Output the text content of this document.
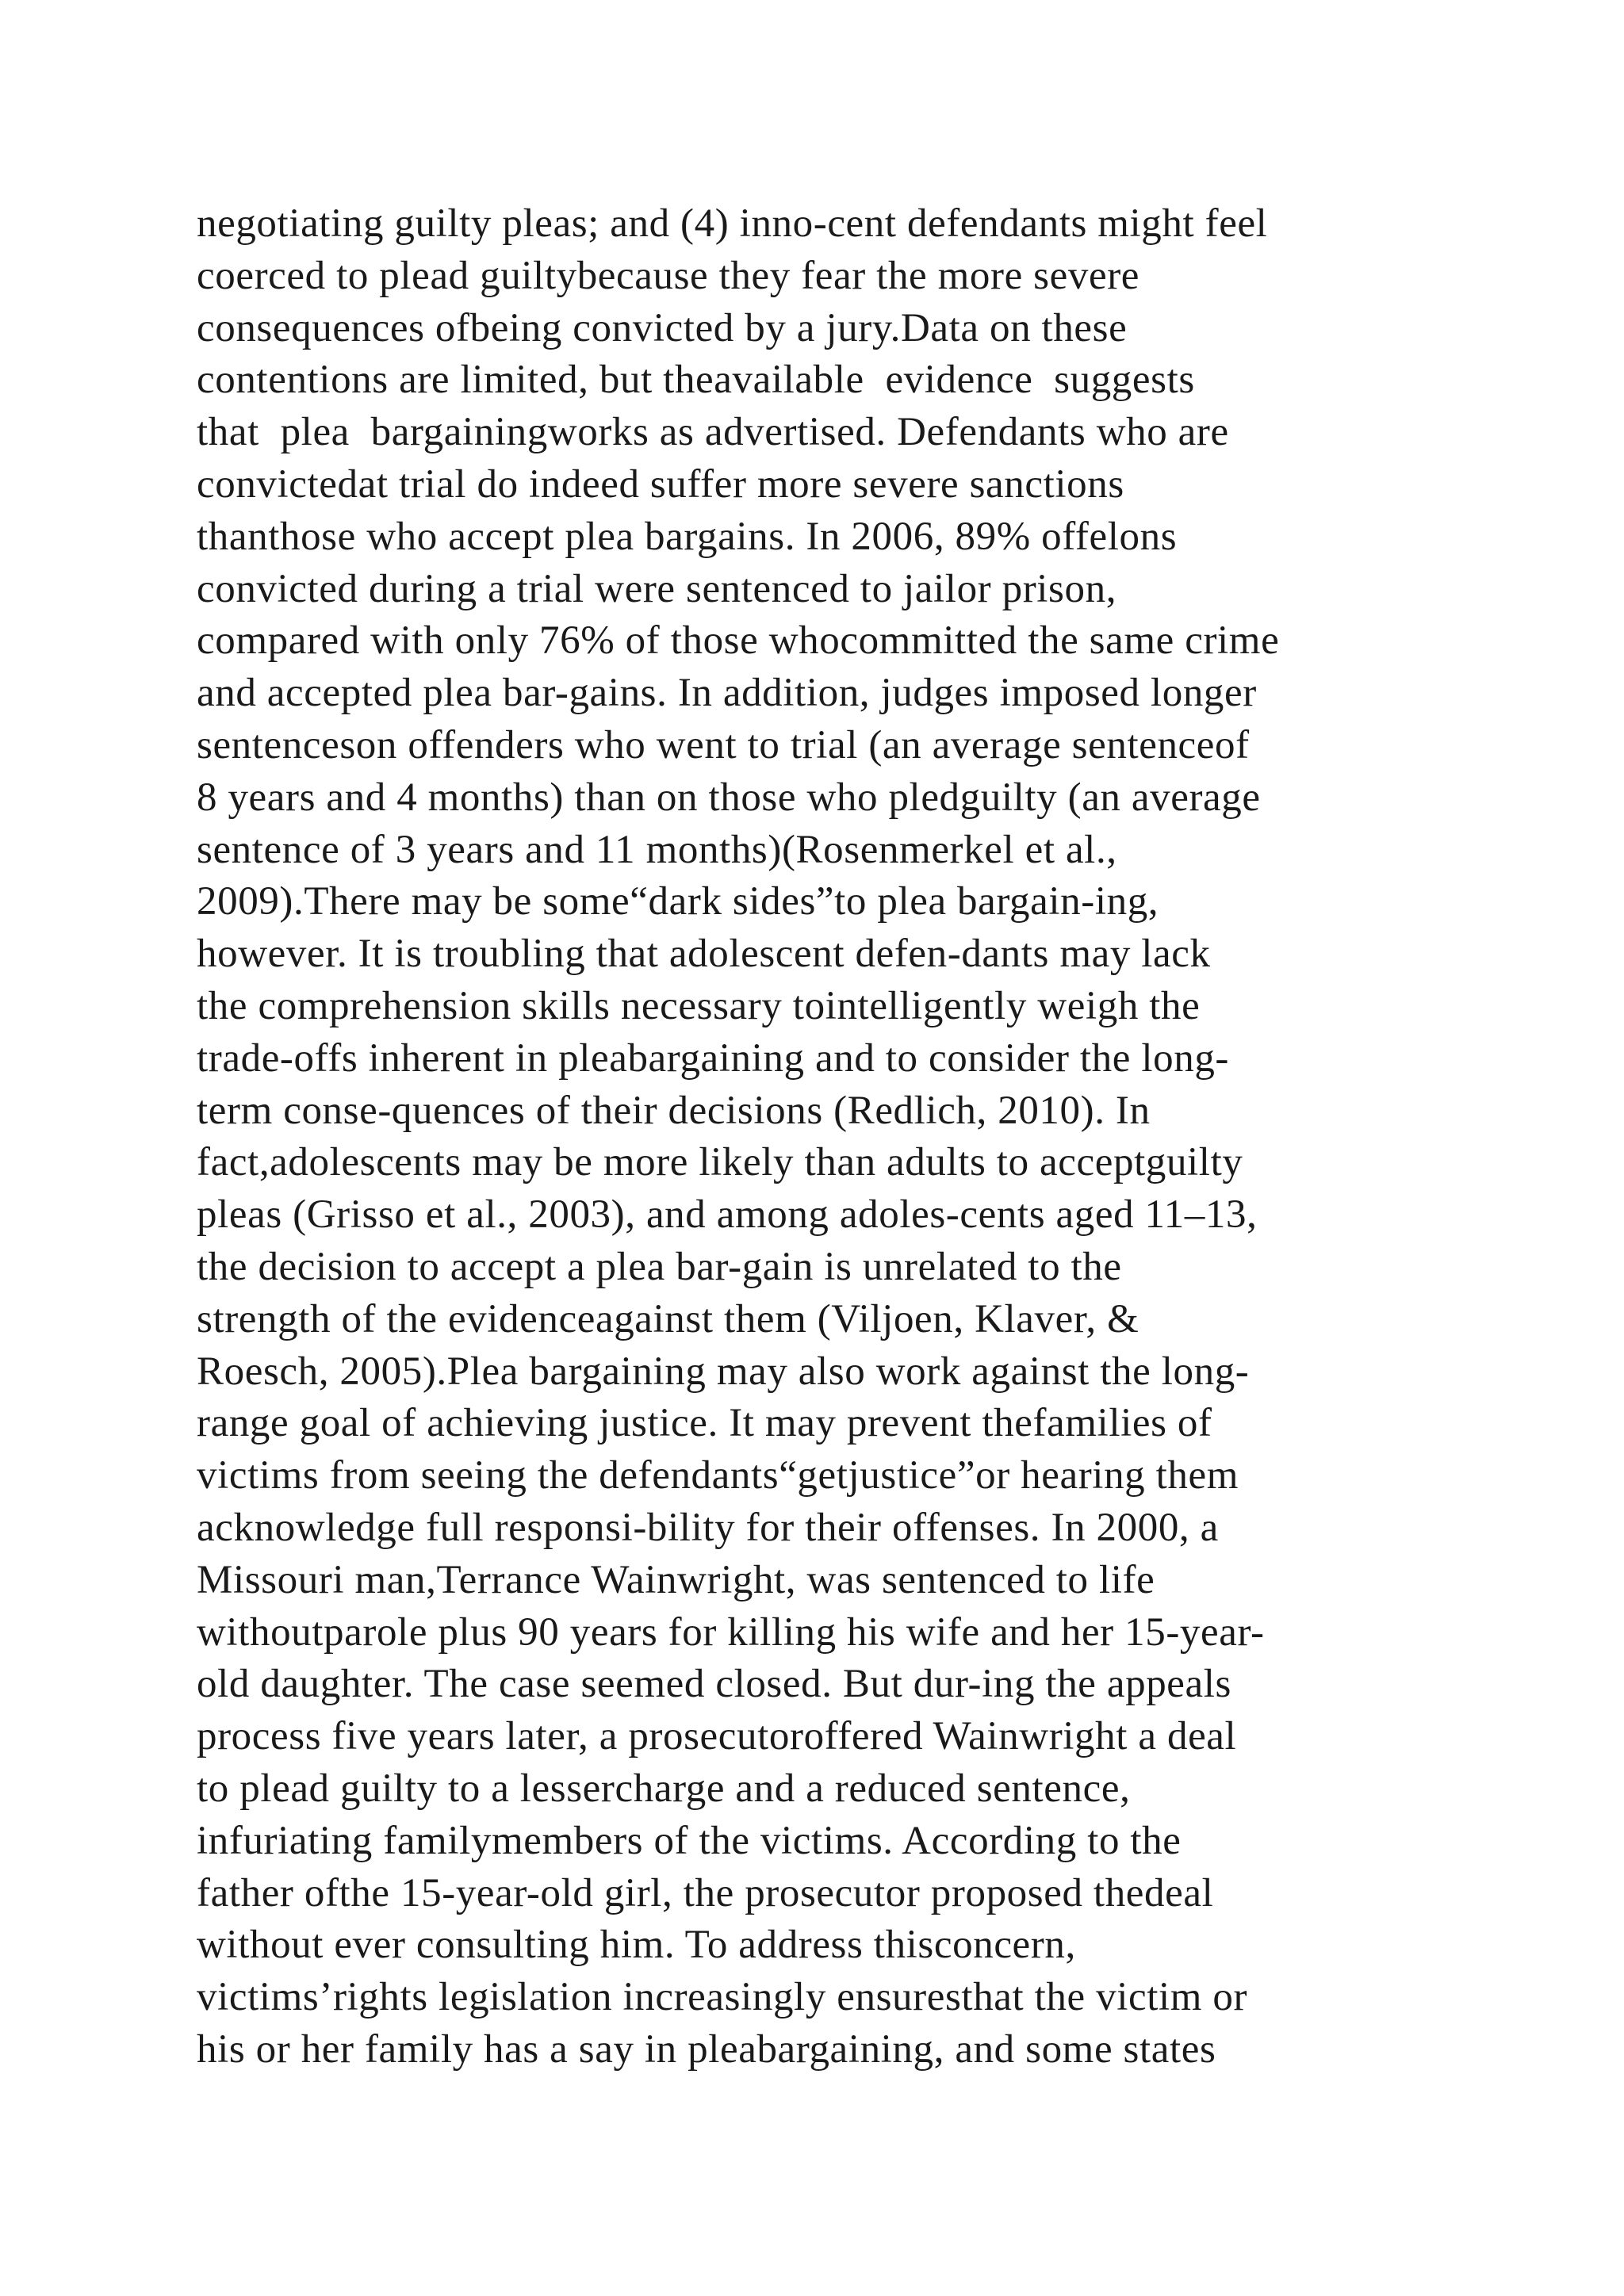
negotiating guilty pleas; and (4) inno-cent defendants might feel
coerced to plead guiltybecause they fear the more severe
consequences ofbeing convicted by a jury.Data on these
contentions are limited, but theavailable  evidence  suggests
that  plea  bargainingworks as advertised. Defendants who are
convictedat trial do indeed suffer more severe sanctions
thanthose who accept plea bargains. In 2006, 89% offelons
convicted during a trial were sentenced to jailor prison,
compared with only 76% of those whocommitted the same crime
and accepted plea bar-gains. In addition, judges imposed longer
sentenceson offenders who went to trial (an average sentenceof
8 years and 4 months) than on those who pledguilty (an average
sentence of 3 years and 11 months)(Rosenmerkel et al.,
2009).There may be some“dark sides”to plea bargain-ing,
however. It is troubling that adolescent defen-dants may lack
the comprehension skills necessary tointelligently weigh the
trade-offs inherent in pleabargaining and to consider the long-
term conse-quences of their decisions (Redlich, 2010). In
fact,adolescents may be more likely than adults to acceptguilty
pleas (Grisso et al., 2003), and among adoles-cents aged 11–13,
the decision to accept a plea bar-gain is unrelated to the
strength of the evidenceagainst them (Viljoen, Klaver, &
Roesch, 2005).Plea bargaining may also work against the long-
range goal of achieving justice. It may prevent thefamilies of
victims from seeing the defendants“getjustice”or hearing them
acknowledge full responsi-bility for their offenses. In 2000, a
Missouri man,Terrance Wainwright, was sentenced to life
withoutparole plus 90 years for killing his wife and her 15-year-
old daughter. The case seemed closed. But dur-ing the appeals
process five years later, a prosecutoroffered Wainwright a deal
to plead guilty to a lessercharge and a reduced sentence,
infuriating familymembers of the victims. According to the
father ofthe 15-year-old girl, the prosecutor proposed thedeal
without ever consulting him. To address thisconcern,
victims’rights legislation increasingly ensuresthat the victim or
his or her family has a say in pleabargaining, and some states
